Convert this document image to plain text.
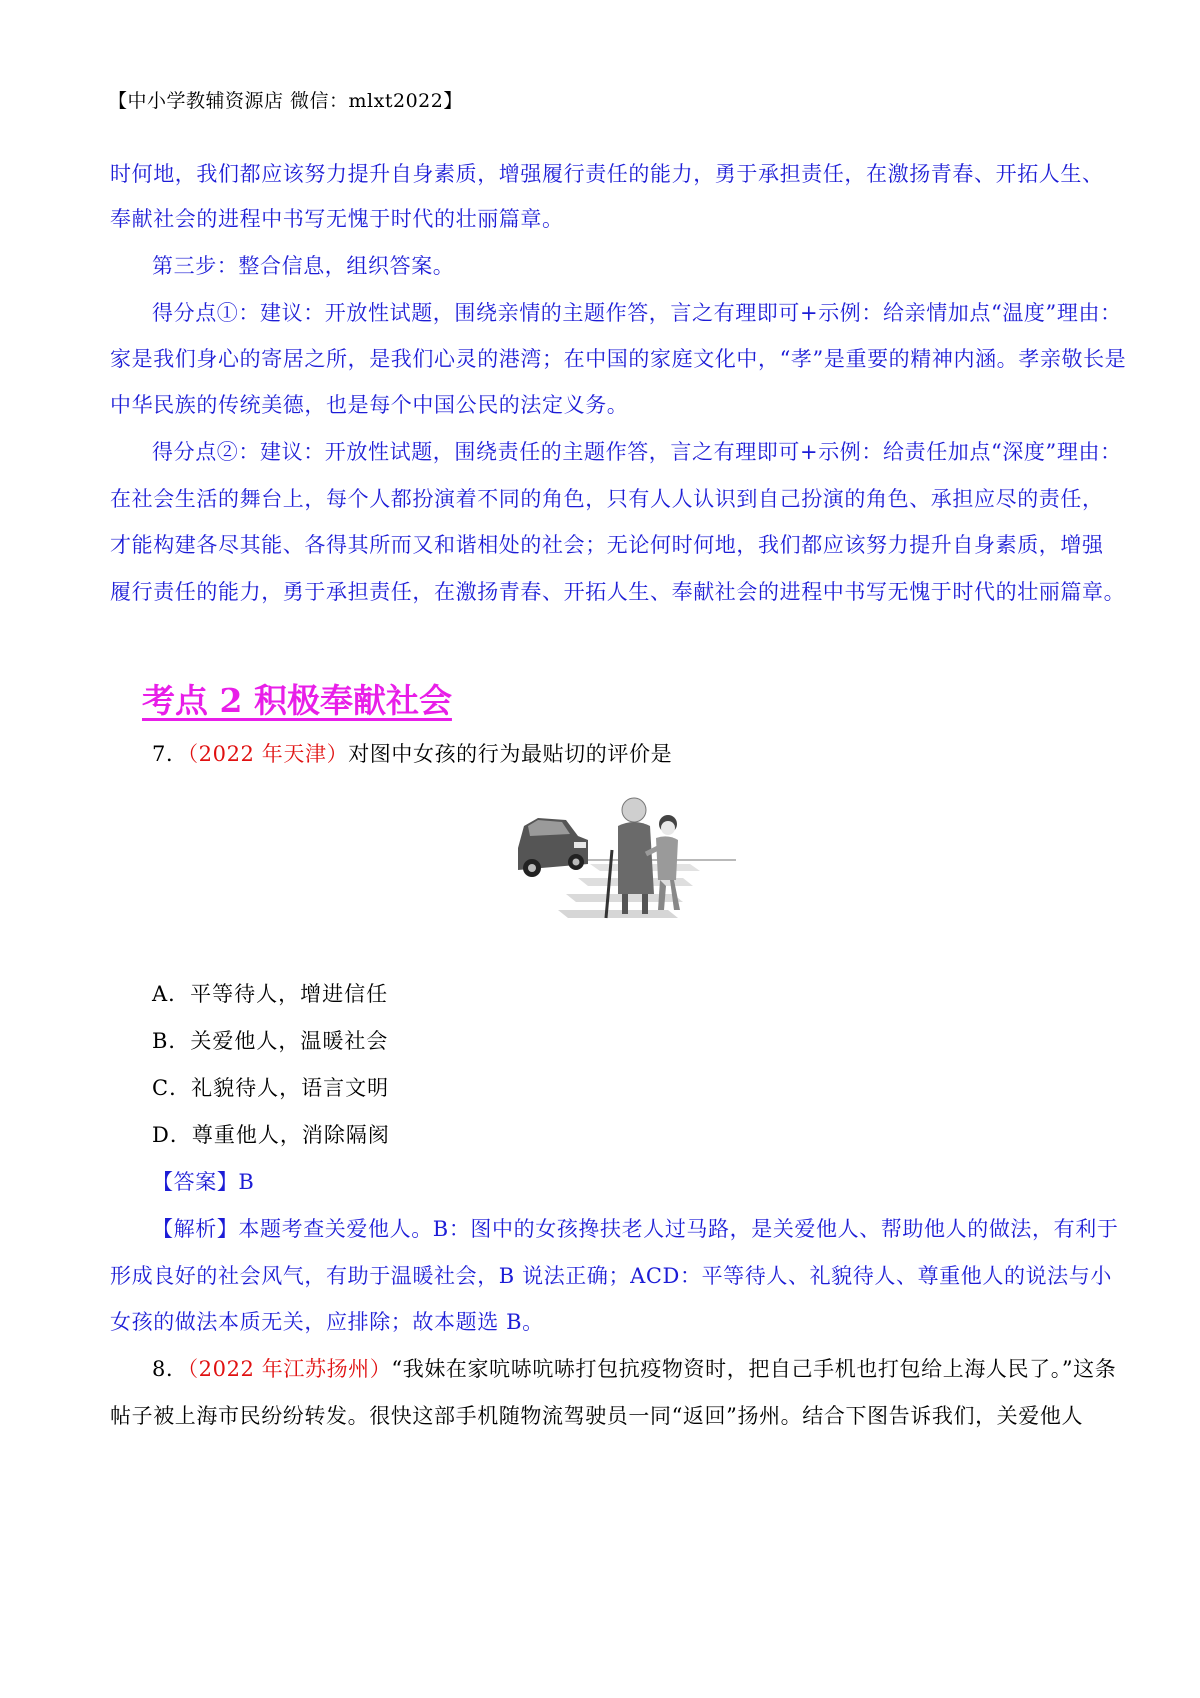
【中小学教辅资源店 微信：mlxt2022】
时何地，我们都应该努力提升自身素质，增强履行责任的能力，勇于承担责任，在激扬青春、开拓人生、
奉献社会的进程中书写无愧于时代的壮丽篇章。
第三步：整合信息，组织答案。
得分点①：建议：开放性试题，围绕亲情的主题作答，言之有理即可+示例：给亲情加点“温度”理由：
家是我们身心的寄居之所，是我们心灵的港湾；在中国的家庭文化中，“孝”是重要的精神内涵。孝亲敬长是
中华民族的传统美德，也是每个中国公民的法定义务。
得分点②：建议：开放性试题，围绕责任的主题作答，言之有理即可+示例：给责任加点“深度”理由：
在社会生活的舞台上，每个人都扮演着不同的角色，只有人人认识到自己扮演的角色、承担应尽的责任，
才能构建各尽其能、各得其所而又和谐相处的社会；无论何时何地，我们都应该努力提升自身素质，增强
履行责任的能力，勇于承担责任，在激扬青春、开拓人生、奉献社会的进程中书写无愧于时代的壮丽篇章。
考点 2 积极奉献社会
7．（2022 年天津）对图中女孩的行为最贴切的评价是
A．平等待人，增进信任
B．关爱他人，温暖社会
C．礼貌待人，语言文明
D．尊重他人，消除隔阂
【答案】B
【解析】本题考查关爱他人。B：图中的女孩搀扶老人过马路，是关爱他人、帮助他人的做法，有利于
形成良好的社会风气，有助于温暖社会，B 说法正确；ACD：平等待人、礼貌待人、尊重他人的说法与小
女孩的做法本质无关，应排除；故本题选 B。
8．（2022 年江苏扬州）“我妹在家吭哧吭哧打包抗疫物资时，把自己手机也打包给上海人民了。”这条
帖子被上海市民纷纷转发。很快这部手机随物流驾驶员一同“返回”扬州。结合下图告诉我们，关爱他人
